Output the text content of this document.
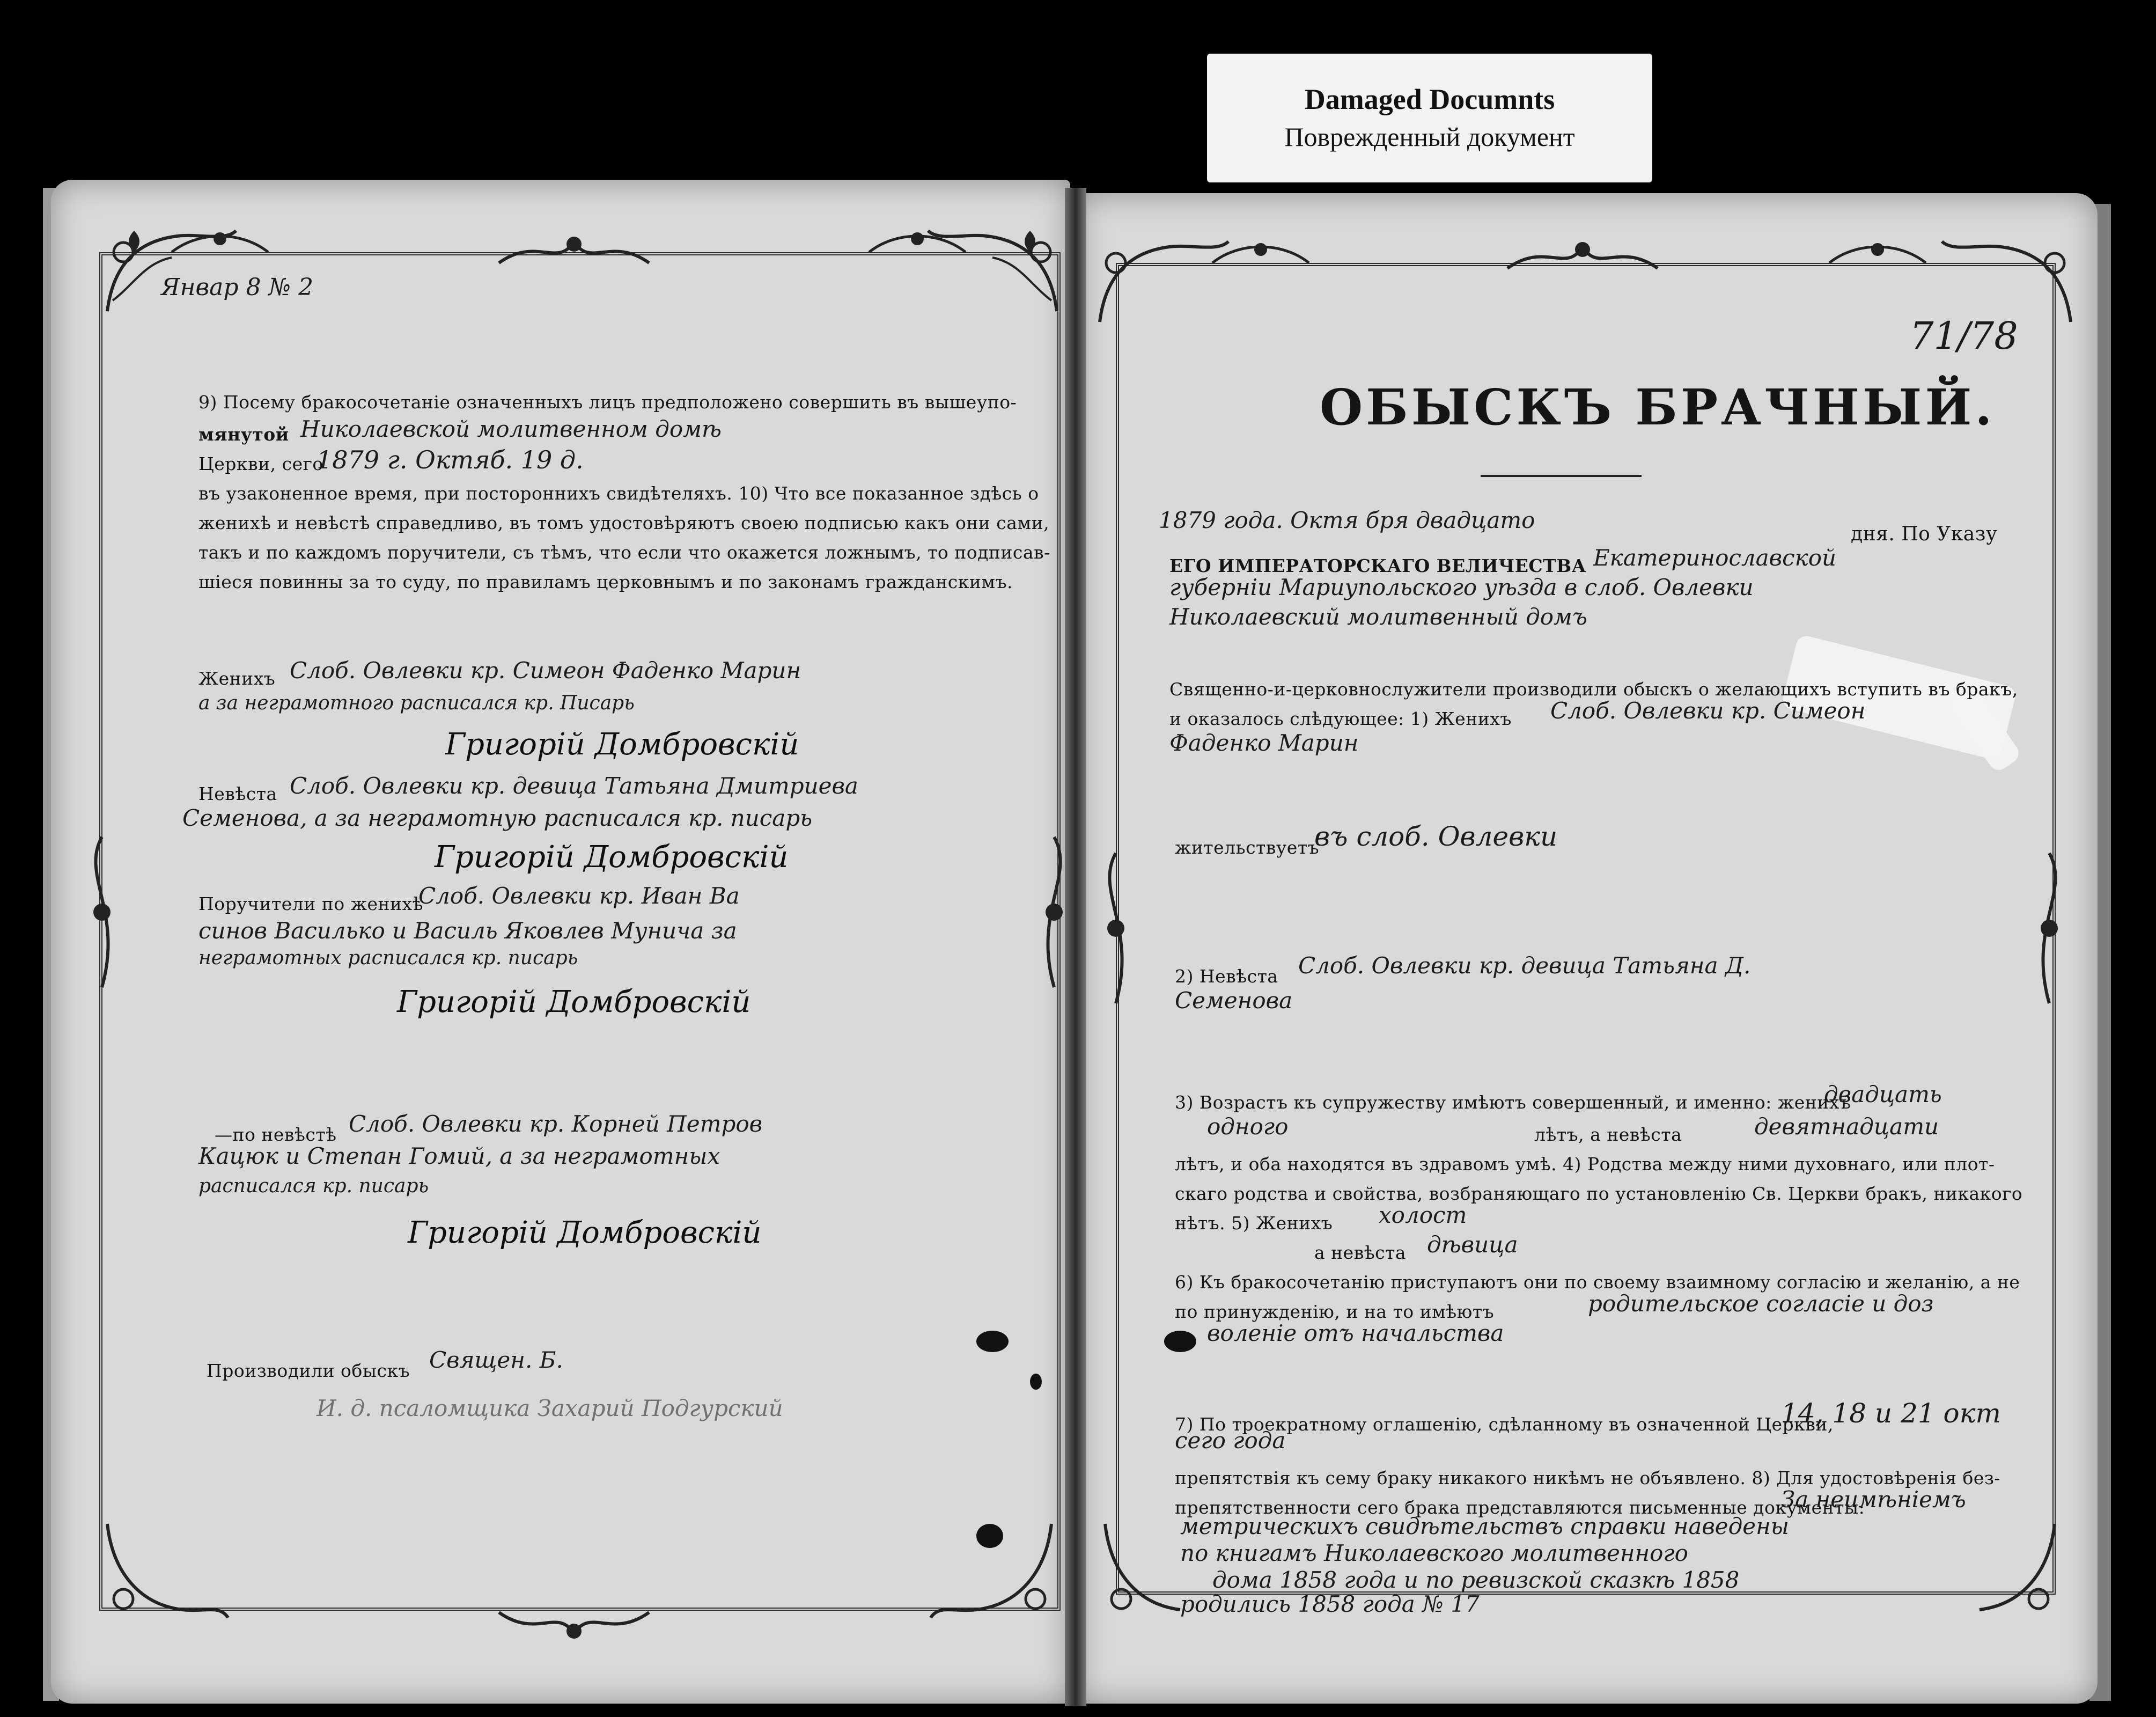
Damaged Documnts
Поврежденный документ
Январ 8 № 2
9) Посему бракосочетаніе означенныхъ лицъ предположено совершить въ вышеупо-
мянутой Николаевской молитвенном домѣ
Церкви, сего
1879 г. Октяб. 19 д.
въ узаконенное время, при постороннихъ свидѣтеляхъ. 10) Что все показанное здѣсь о
женихѣ и невѣстѣ справедливо, въ томъ удостовѣряютъ своею подписью какъ они сами,
такъ и по каждомъ поручители, съ тѣмъ, что если что окажется ложнымъ, то подписав-
шіеся повинны за то суду, по правиламъ церковнымъ и по законамъ гражданскимъ.
Женихъ Слоб. Овлевки кр. Симеон Фаденко Марин
а за неграмотного расписался кр. Писарь
Григорій Домбровскій
Невѣста Слоб. Овлевки кр. девица Татьяна Дмитриева
Семенова, а за неграмотную расписался кр. писарь
Григорій Домбровскій
Поручители по женихѣ
Слоб. Овлевки кр. Иван Ва
синов Василько и Василь Яковлев Мунича за
неграмотных расписался кр. писарь
Григорій Домбровскій
—по невѣстѣ Слоб. Овлевки кр. Корней Петров
Кацюк и Степан Гомий, а за неграмотных
расписался кр. писарь
Григорій Домбровскій
Производили обыскъ Священ. Б.
И. д. псаломщика Захарий Подгурский
71/78
ОБЫСКЪ БРАЧНЫЙ.
1879 года. Октя бря двадцато
дня. По Указу
ЕГО ИМПЕРАТОРСКАГО ВЕЛИЧЕСТВА Екатеринославской
губерніи Мариупольского уѣзда в слоб. Овлевки
Николаевский молитвенный домъ
Священно-и-церковнослужители производили обыскъ о желающихъ вступить въ бракъ,
и оказалось слѣдующее: 1) Женихъ Слоб. Овлевки кр. Симеон
Фаденко Марин
жительствуетъ
въ слоб. Овлевки
2) Невѣста Слоб. Овлевки кр. девица Татьяна Д.
Семенова
3) Возрастъ къ супружеству имѣютъ совершенный, и именно: женихъ
двадцать
одного	лѣтъ, а невѣста	девятнадцати
лѣтъ, и оба находятся въ здравомъ умѣ. 4) Родства между ними духовнаго, или плот-
скаго родства и свойства, возбраняющаго по установленію Св. Церкви бракъ, никакого
нѣтъ. 5) Женихъ холост
а невѣста дѣвица
6) Къ бракосочетанію приступаютъ они по своему взаимному согласію и желанію, а не
по принужденію, и на то имѣютъ	родительское согласіе и доз
воленіе отъ начальства
7) По троекратному оглашенію, сдѣланному въ означенной Церкви,
14, 18 и 21 окт
сего года
препятствія къ сему браку никакого никѣмъ не объявлено. 8) Для удостовѣренія без-
препятственности сего брака представляются письменные документы:
За неимѣніемъ
метрическихъ свидѣтельствъ справки наведены
по книгамъ Николаевского молитвенного
дома 1858 года и по ревизской сказкѣ 1858
родились 1858 года № 17
